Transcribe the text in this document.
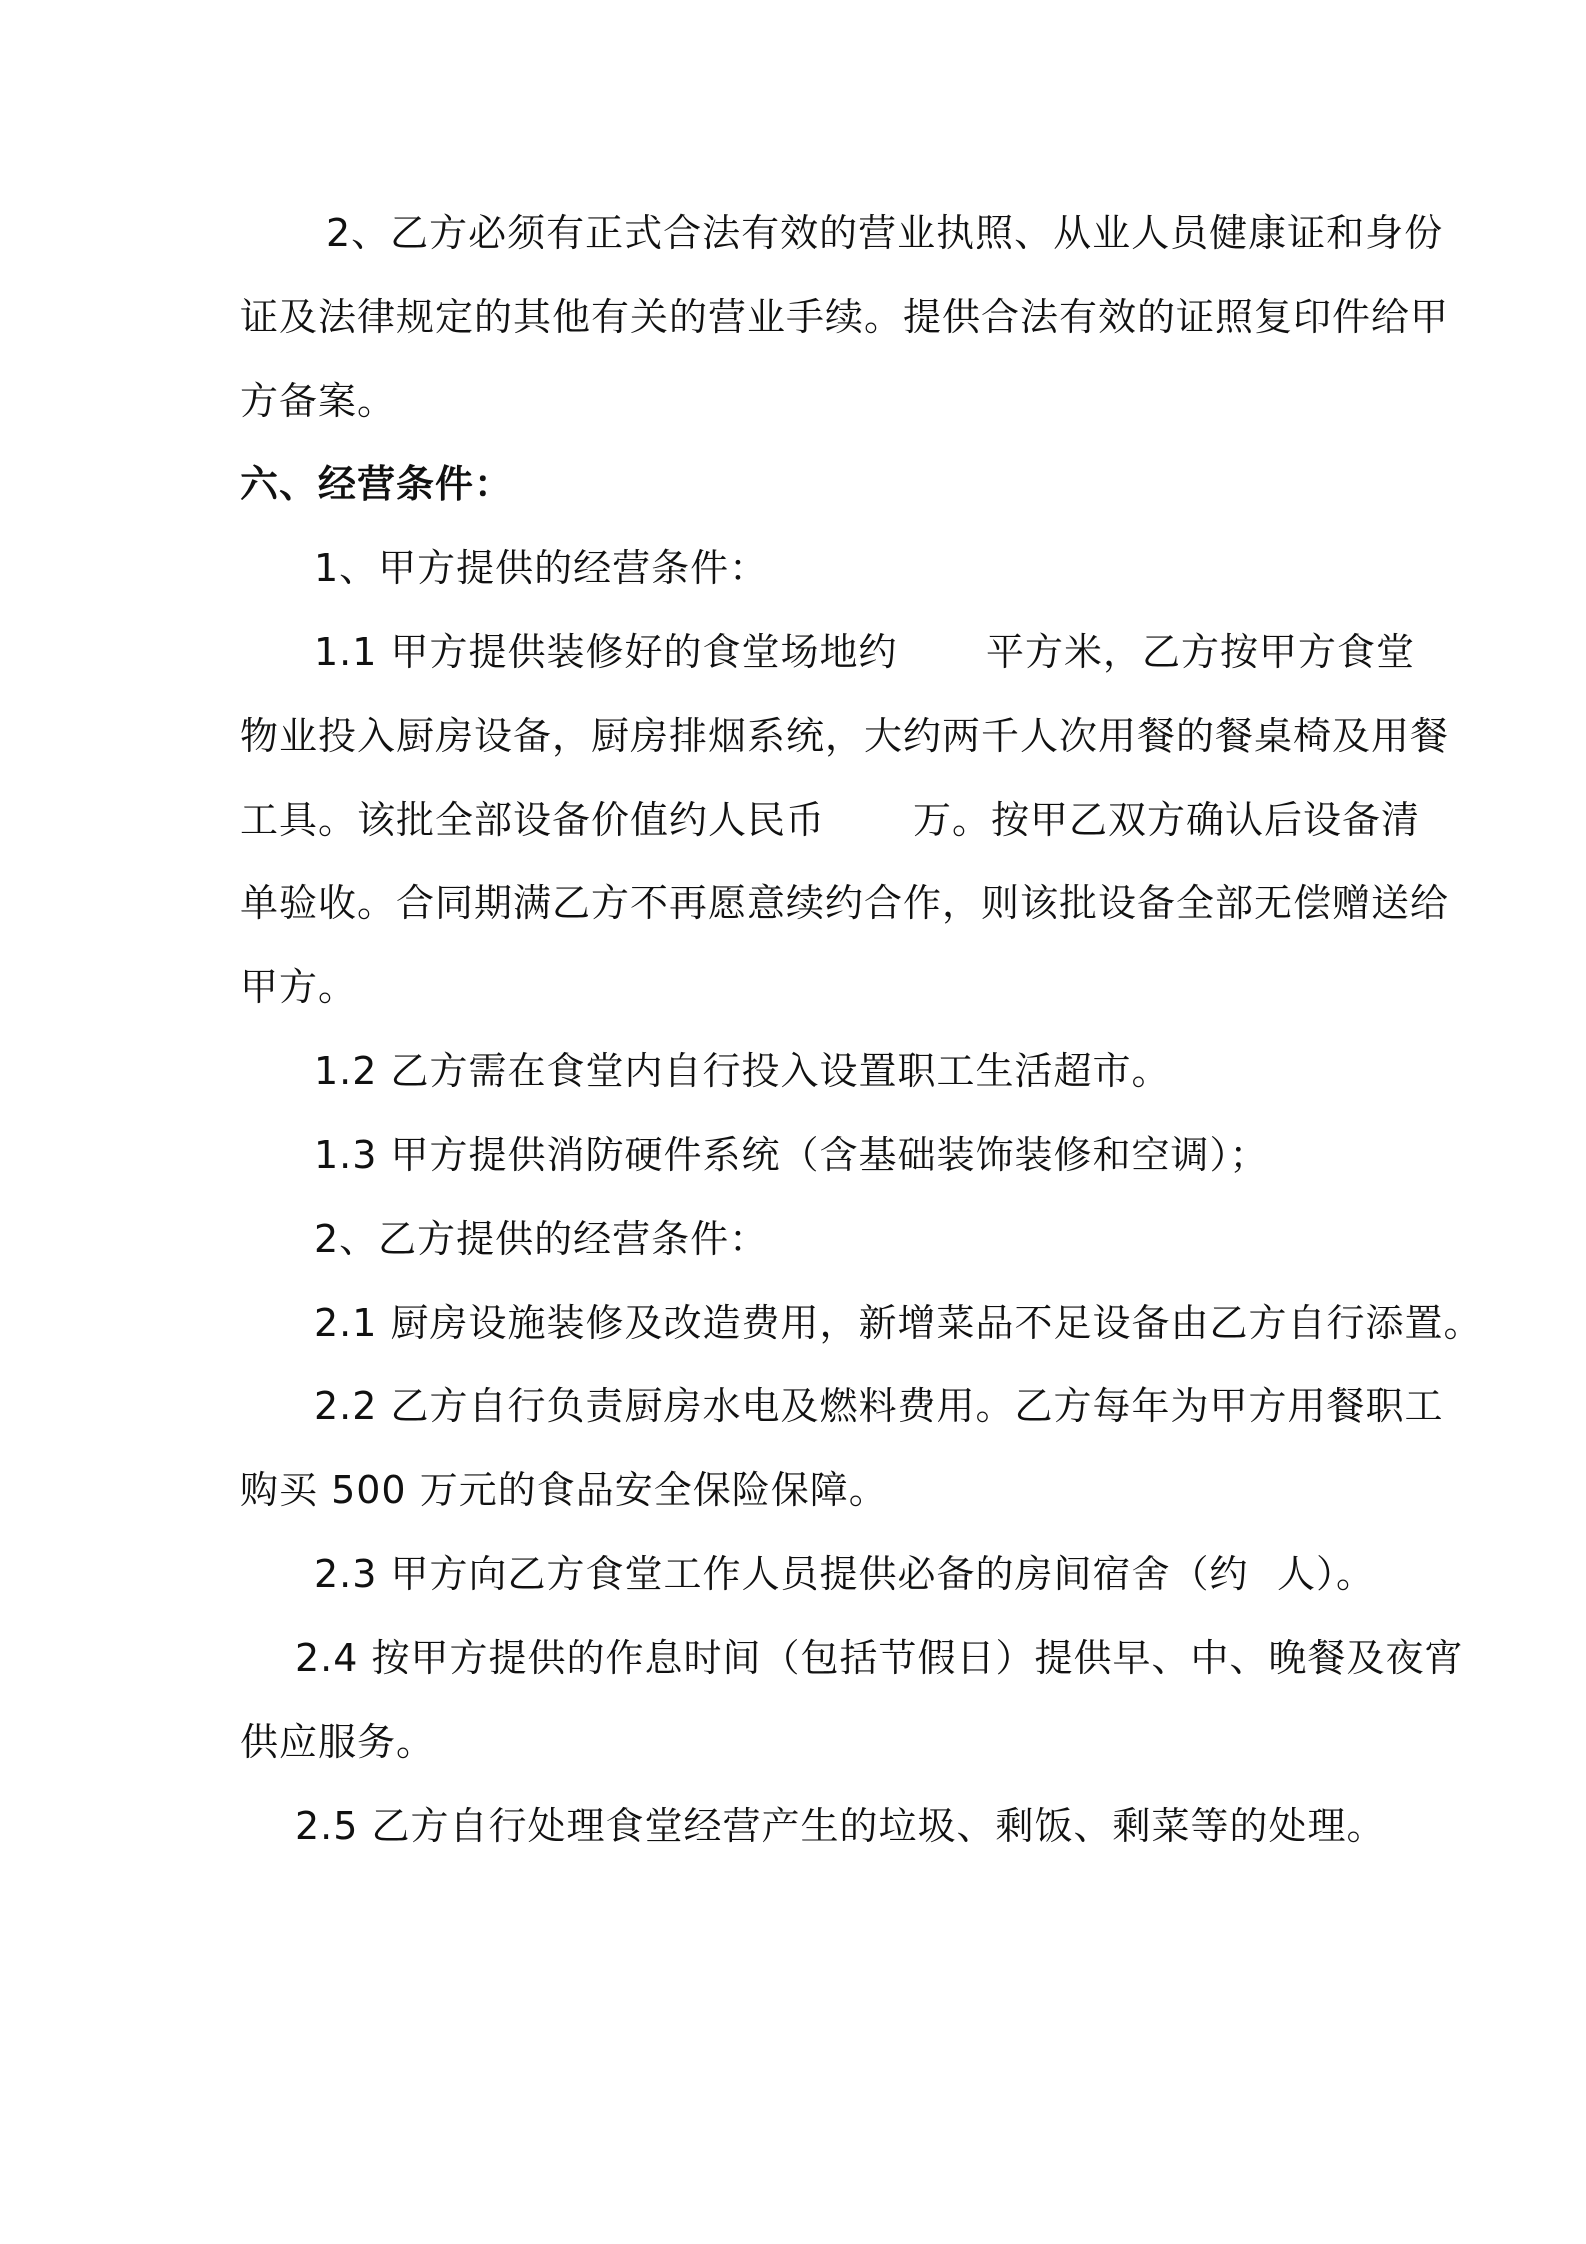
2、乙方必须有正式合法有效的营业执照、从业人员健康证和身份

证及法律规定的其他有关的营业手续。提供合法有效的证照复印件给甲

方备案。

六、经营条件：

1、甲方提供的经营条件：

1.1 甲方提供装修好的食堂场地约 平方米，乙方按甲方食堂

物业投入厨房设备，厨房排烟系统，大约两千人次用餐的餐桌椅及用餐

工具。该批全部设备价值约人民币 万。按甲乙双方确认后设备清

单验收。合同期满乙方不再愿意续约合作，则该批设备全部无偿赠送给

甲方。

1.2 乙方需在食堂内自行投入设置职工生活超市。

1.3 甲方提供消防硬件系统（含基础装饰装修和空调）；

2、乙方提供的经营条件：

2.1 厨房设施装修及改造费用，新增菜品不足设备由乙方自行添置。

2.2 乙方自行负责厨房水电及燃料费用。乙方每年为甲方用餐职工

购买 500 万元的食品安全保险保障。

2.3 甲方向乙方食堂工作人员提供必备的房间宿舍（约 人）。

2.4 按甲方提供的作息时间（包括节假日）提供早、中、晚餐及夜宵

供应服务。

2.5 乙方自行处理食堂经营产生的垃圾、剩饭、剩菜等的处理。
